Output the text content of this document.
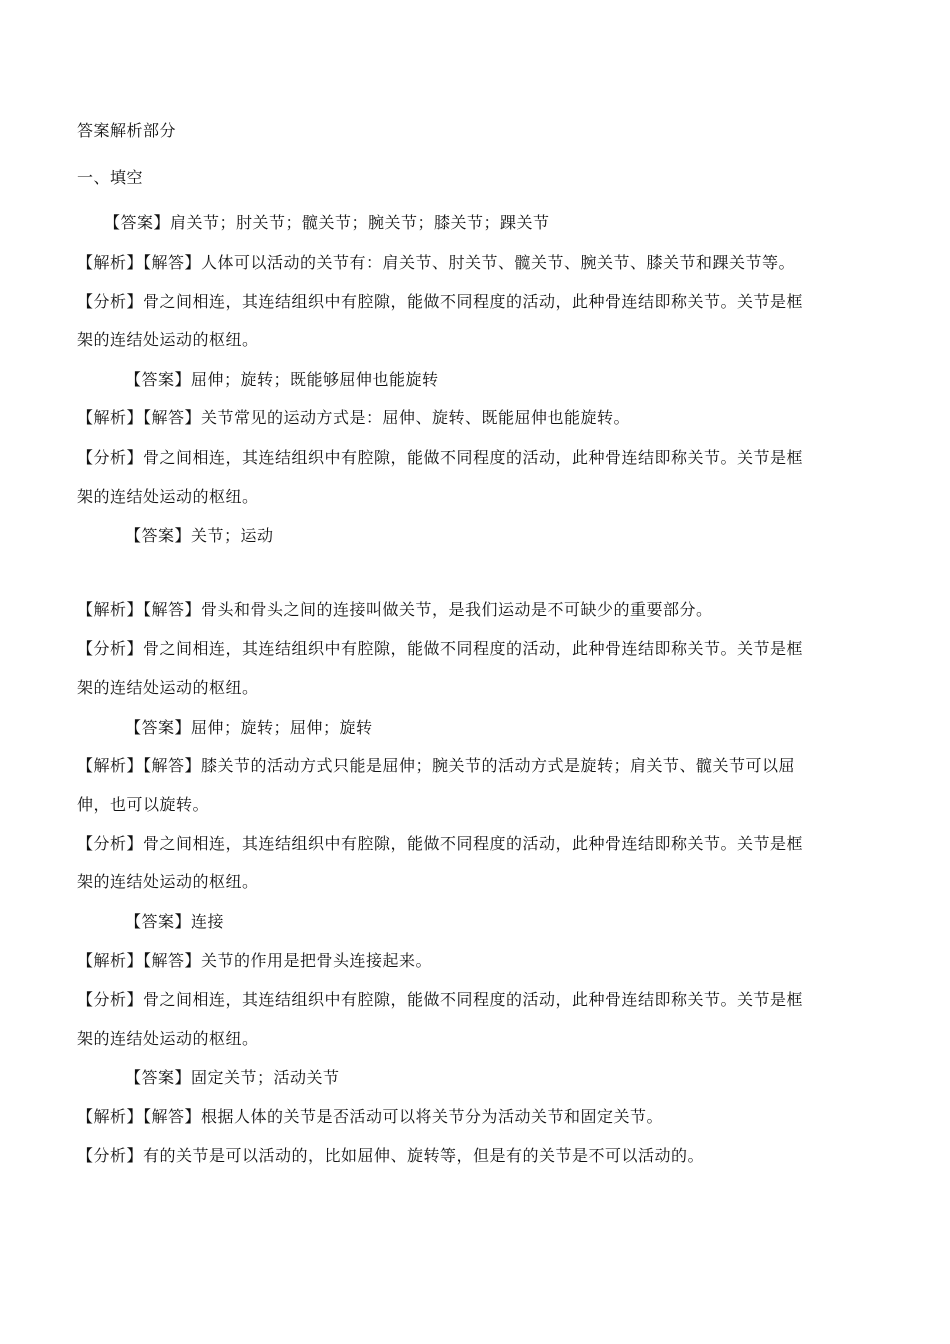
答案解析部分
一、填空
【答案】肩关节；肘关节；髋关节；腕关节；膝关节；踝关节
【解析】【解答】人体可以活动的关节有：肩关节、肘关节、髋关节、腕关节、膝关节和踝关节等。
【分析】骨之间相连，其连结组织中有腔隙，能做不同程度的活动，此种骨连结即称关节。关节是框
架的连结处运动的枢纽。
【答案】屈伸；旋转；既能够屈伸也能旋转
【解析】【解答】关节常见的运动方式是：屈伸、旋转、既能屈伸也能旋转。
【分析】骨之间相连，其连结组织中有腔隙，能做不同程度的活动，此种骨连结即称关节。关节是框
架的连结处运动的枢纽。
【答案】关节；运动
【解析】【解答】骨头和骨头之间的连接叫做关节，是我们运动是不可缺少的重要部分。
【分析】骨之间相连，其连结组织中有腔隙，能做不同程度的活动，此种骨连结即称关节。关节是框
架的连结处运动的枢纽。
【答案】屈伸；旋转；屈伸；旋转
【解析】【解答】膝关节的活动方式只能是屈伸；腕关节的活动方式是旋转；肩关节、髋关节可以屈
伸，也可以旋转。
【分析】骨之间相连，其连结组织中有腔隙，能做不同程度的活动，此种骨连结即称关节。关节是框
架的连结处运动的枢纽。
【答案】连接
【解析】【解答】关节的作用是把骨头连接起来。
【分析】骨之间相连，其连结组织中有腔隙，能做不同程度的活动，此种骨连结即称关节。关节是框
架的连结处运动的枢纽。
【答案】固定关节；活动关节
【解析】【解答】根据人体的关节是否活动可以将关节分为活动关节和固定关节。
【分析】有的关节是可以活动的，比如屈伸、旋转等，但是有的关节是不可以活动的。
